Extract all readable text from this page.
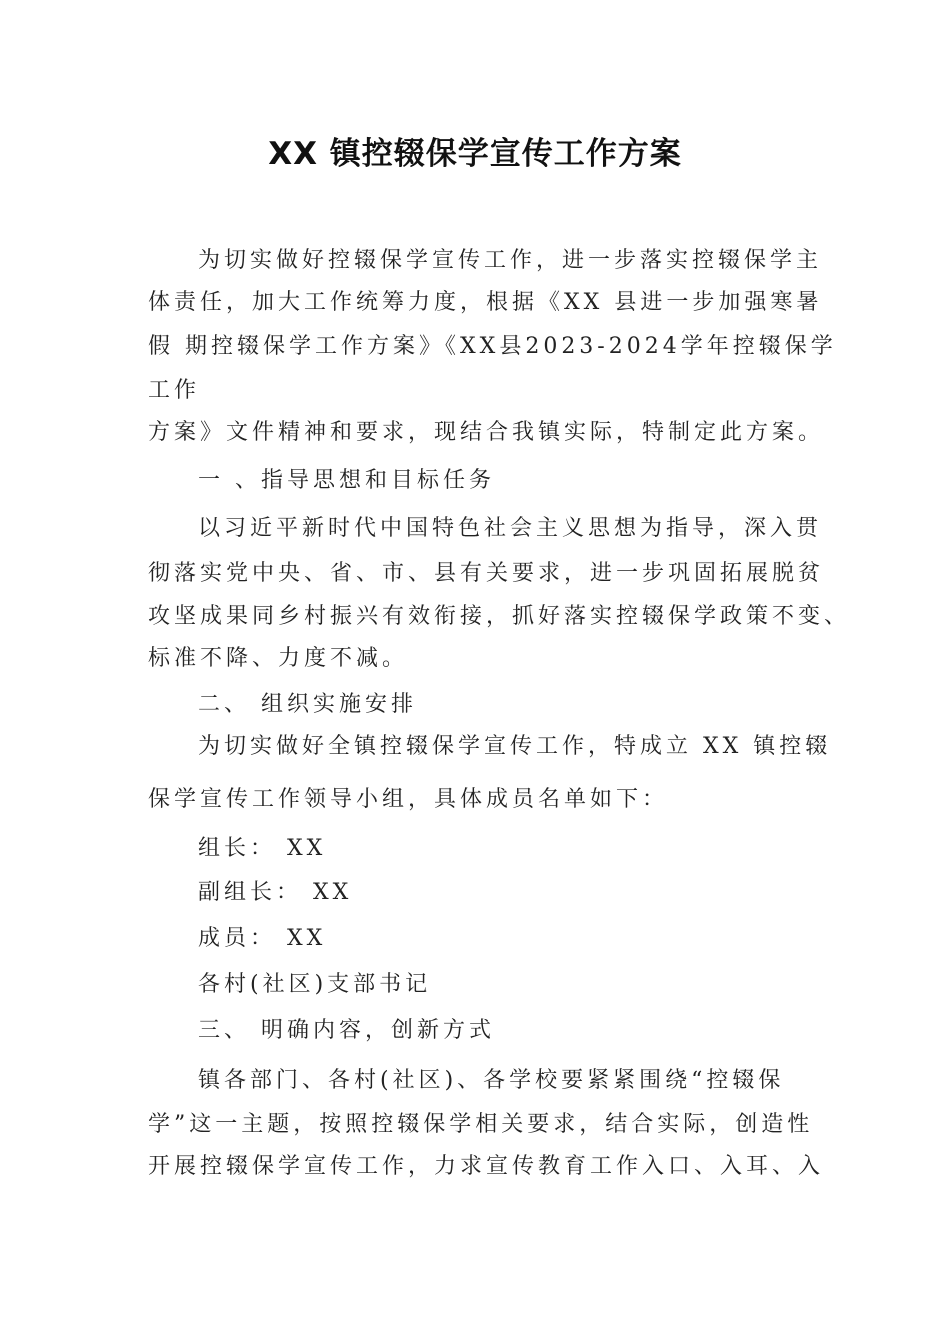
XX 镇控辍保学宣传工作方案
为切实做好控辍保学宣传工作，进一步落实控辍保学主
体责任，加大工作统筹力度，根据《XX 县进一步加强寒暑
假 期控辍保学工作方案》《XX县2023-2024学年控辍保学
工作
方案》文件精神和要求，现结合我镇实际，特制定此方案。
一 、指导思想和目标任务
以习近平新时代中国特色社会主义思想为指导，深入贯
彻落实党中央、省、市、县有关要求，进一步巩固拓展脱贫
攻坚成果同乡村振兴有效衔接，抓好落实控辍保学政策不变、
标准不降、力度不减。
二、 组织实施安排
为切实做好全镇控辍保学宣传工作，特成立 XX 镇控辍
保学宣传工作领导小组，具体成员名单如下：
组长： XX
副组长： XX
成员： XX
各村(社区)支部书记
三、 明确内容，创新方式
镇各部门、各村(社区)、各学校要紧紧围绕“控辍保
学”这一主题，按照控辍保学相关要求，结合实际，创造性
开展控辍保学宣传工作，力求宣传教育工作入口、入耳、入
